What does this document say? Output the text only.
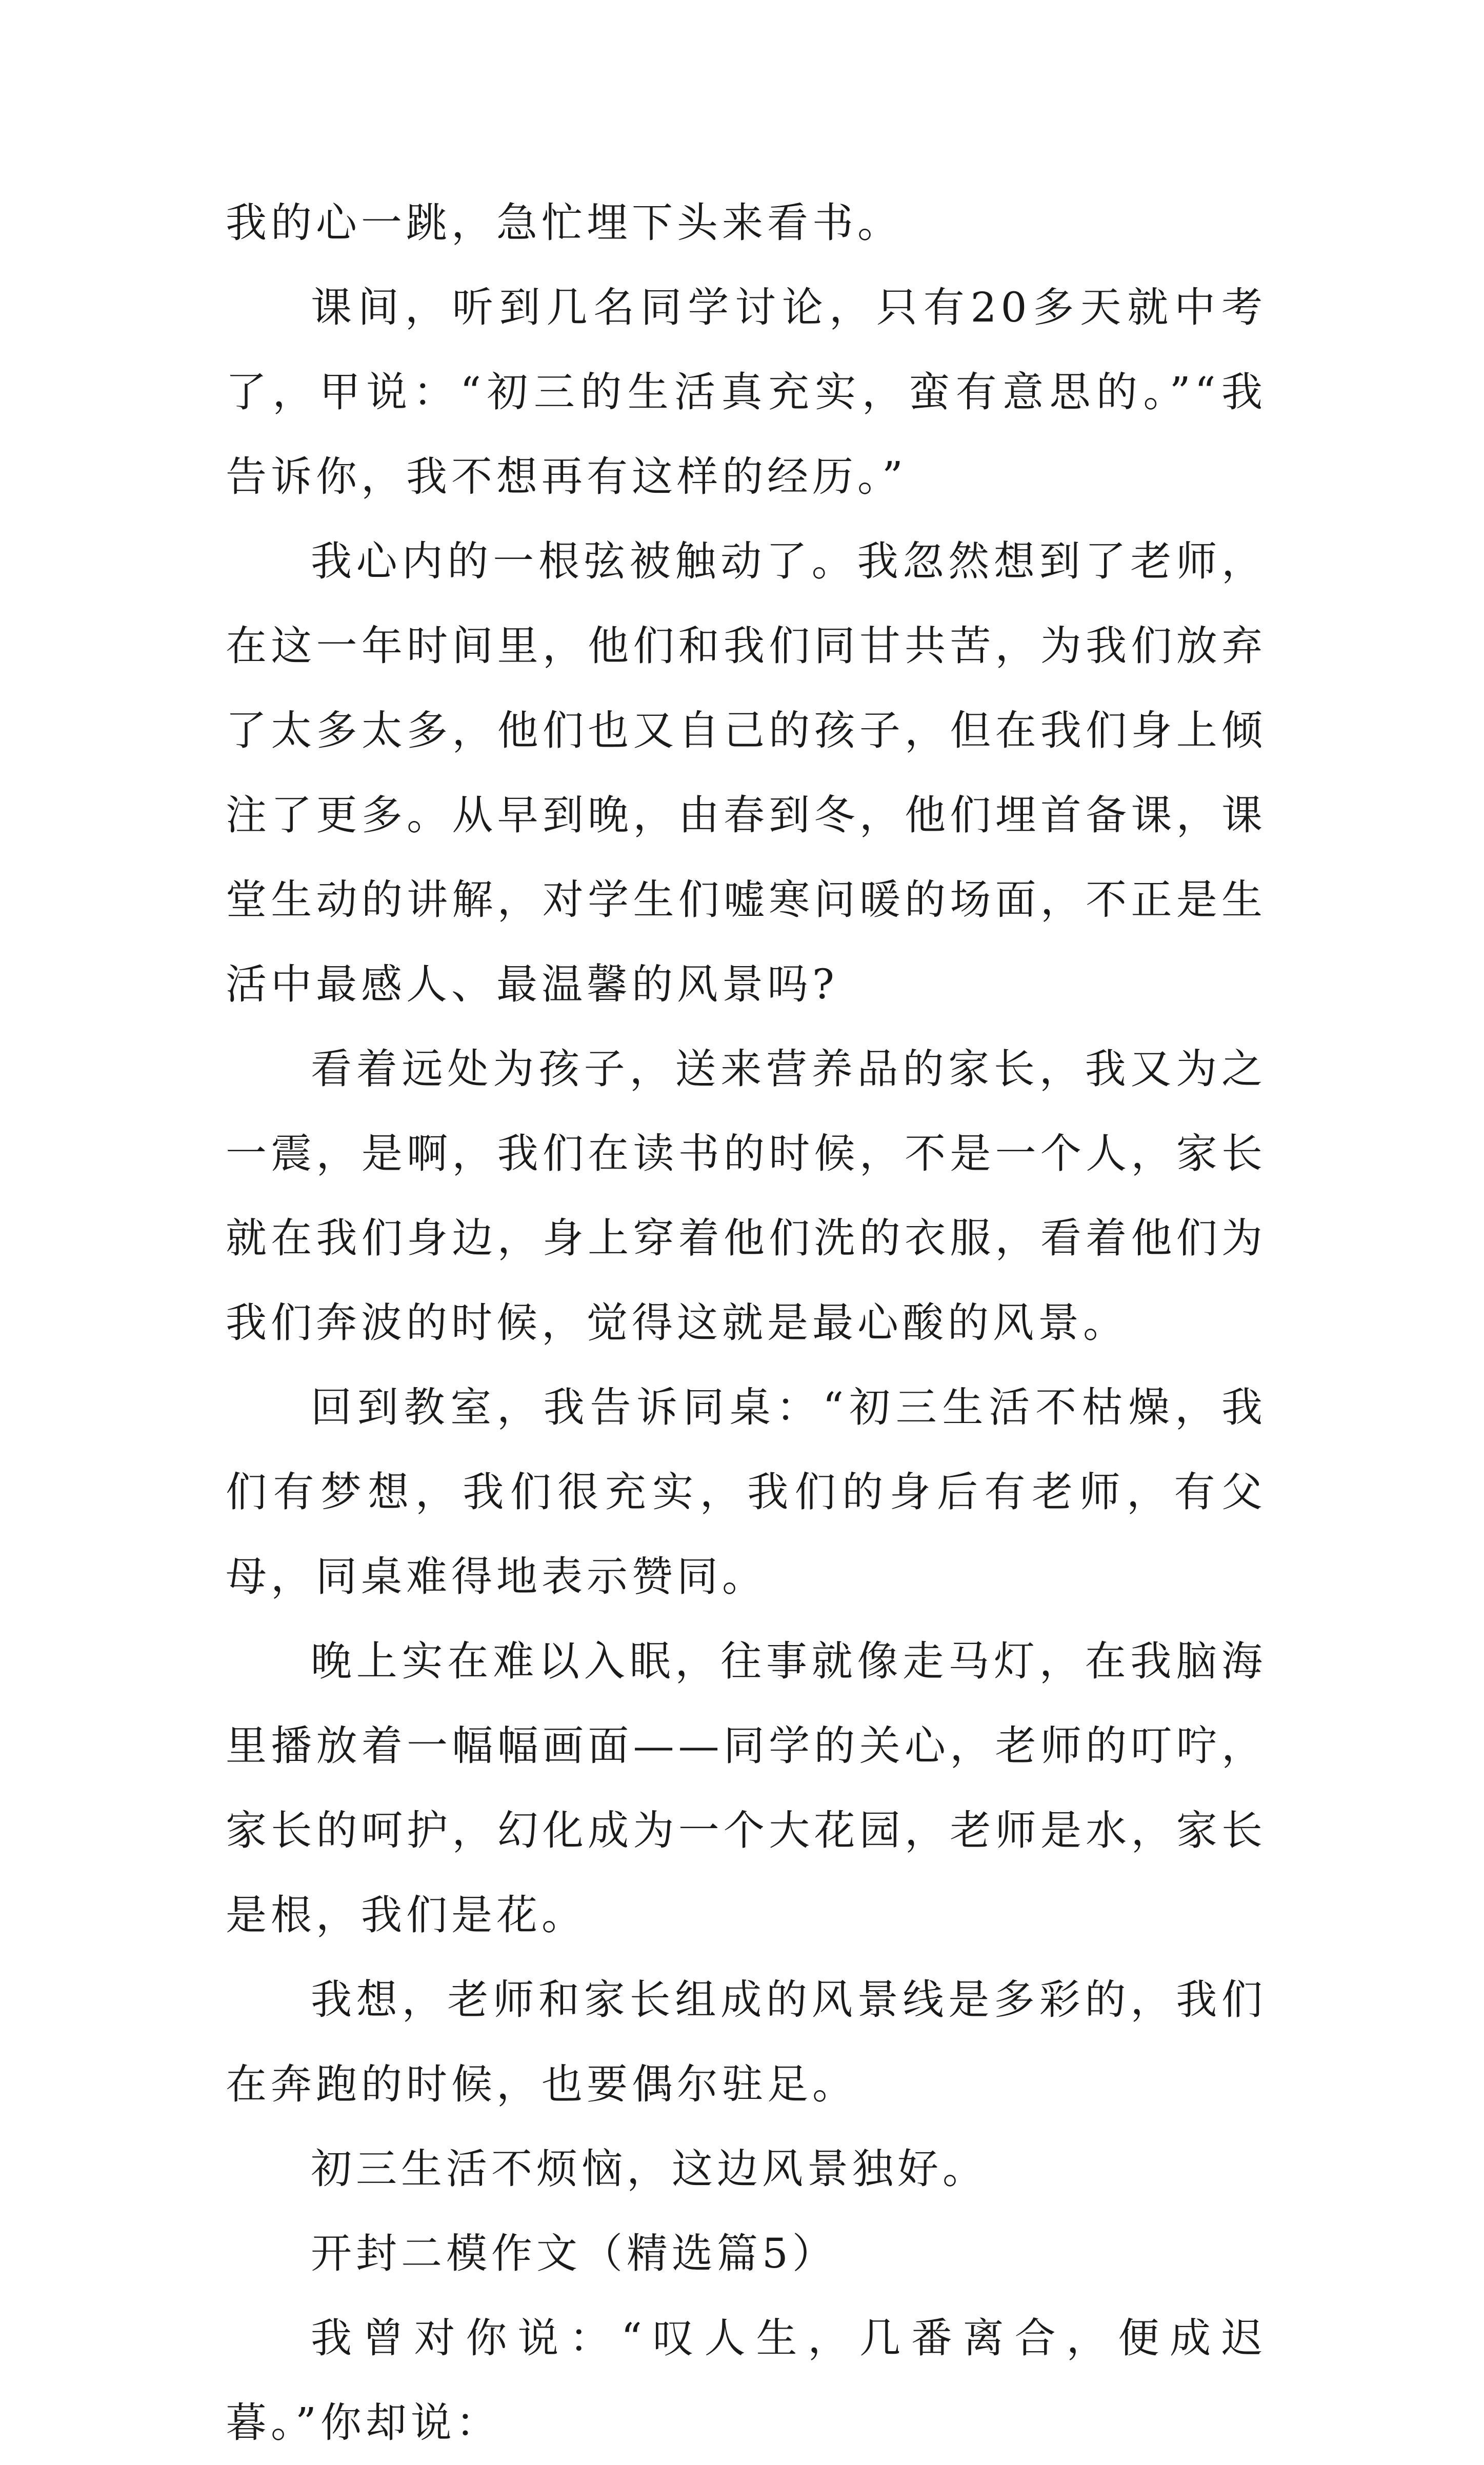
我的心一跳，急忙埋下头来看书。

课间，听到几名同学讨论，只有20多天就中考了，甲说：“初三的生活真充实，蛮有意思的。”“我告诉你，我不想再有这样的经历。”

我心内的一根弦被触动了。我忽然想到了老师，在这一年时间里，他们和我们同甘共苦，为我们放弃了太多太多，他们也又自己的孩子，但在我们身上倾注了更多。从早到晚，由春到冬，他们埋首备课，课堂生动的讲解，对学生们嘘寒问暖的场面，不正是生活中最感人、最温馨的风景吗?

看着远处为孩子，送来营养品的家长，我又为之一震，是啊，我们在读书的时候，不是一个人，家长就在我们身边，身上穿着他们洗的衣服，看着他们为我们奔波的时候，觉得这就是最心酸的风景。

回到教室，我告诉同桌：“初三生活不枯燥，我们有梦想，我们很充实，我们的身后有老师，有父母，同桌难得地表示赞同。

晚上实在难以入眠，往事就像走马灯，在我脑海里播放着一幅幅画面——同学的关心，老师的叮咛，家长的呵护，幻化成为一个大花园，老师是水，家长是根，我们是花。

我想，老师和家长组成的风景线是多彩的，我们在奔跑的时候，也要偶尔驻足。

初三生活不烦恼，这边风景独好。

开封二模作文（精选篇5）

我曾对你说：“叹人生，几番离合，便成迟暮。”你却说：
